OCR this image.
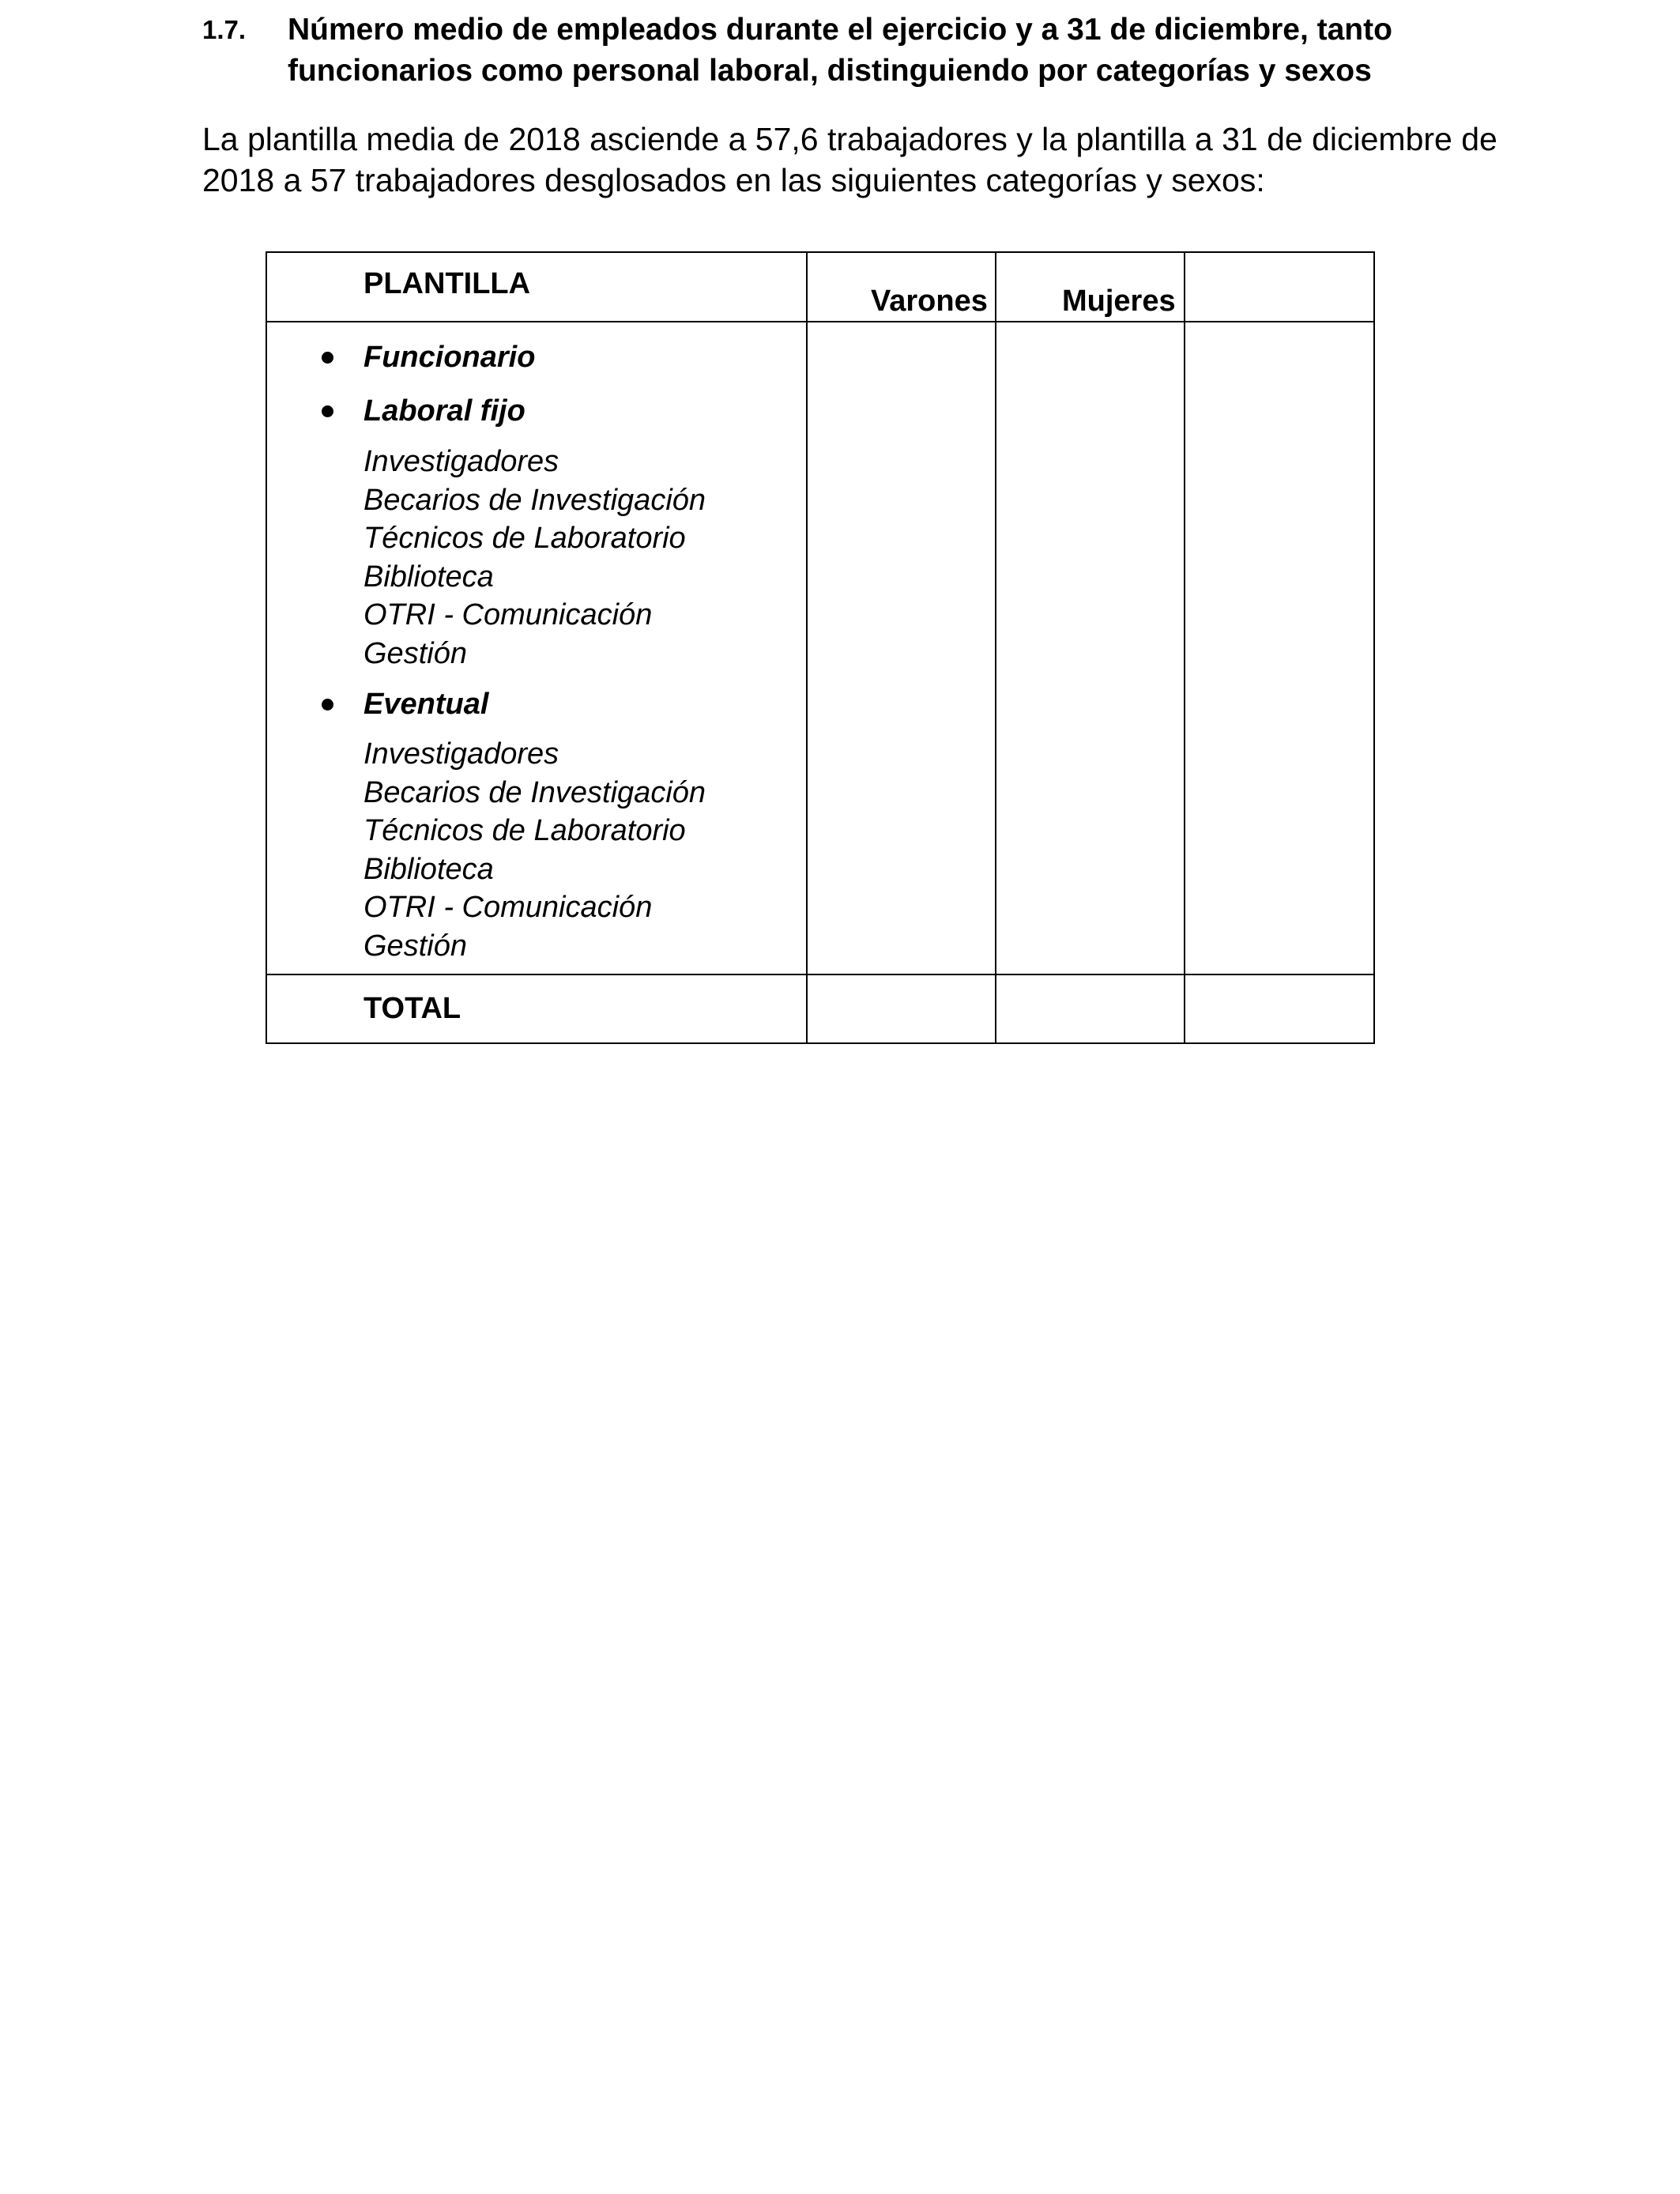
1.7.	Número medio de empleados durante el ejercicio y a 31 de diciembre, tanto funcionarios como personal laboral, distinguiendo por categorías y sexos
La plantilla media de 2018 asciende a 57,6 trabajadores y la plantilla a 31 de diciembre de 2018 a 57 trabajadores desglosados en las siguientes categorías y sexos:
PLANTILLA
Varones Mujeres
Funcionario
Laboral fijo
Investigadores
Becarios de Investigación
Técnicos de Laboratorio
Biblioteca
OTRI - Comunicación
Gestión
Eventual
Investigadores
Becarios de Investigación
Técnicos de Laboratorio
Biblioteca
OTRI - Comunicación
Gestión
TOTAL
